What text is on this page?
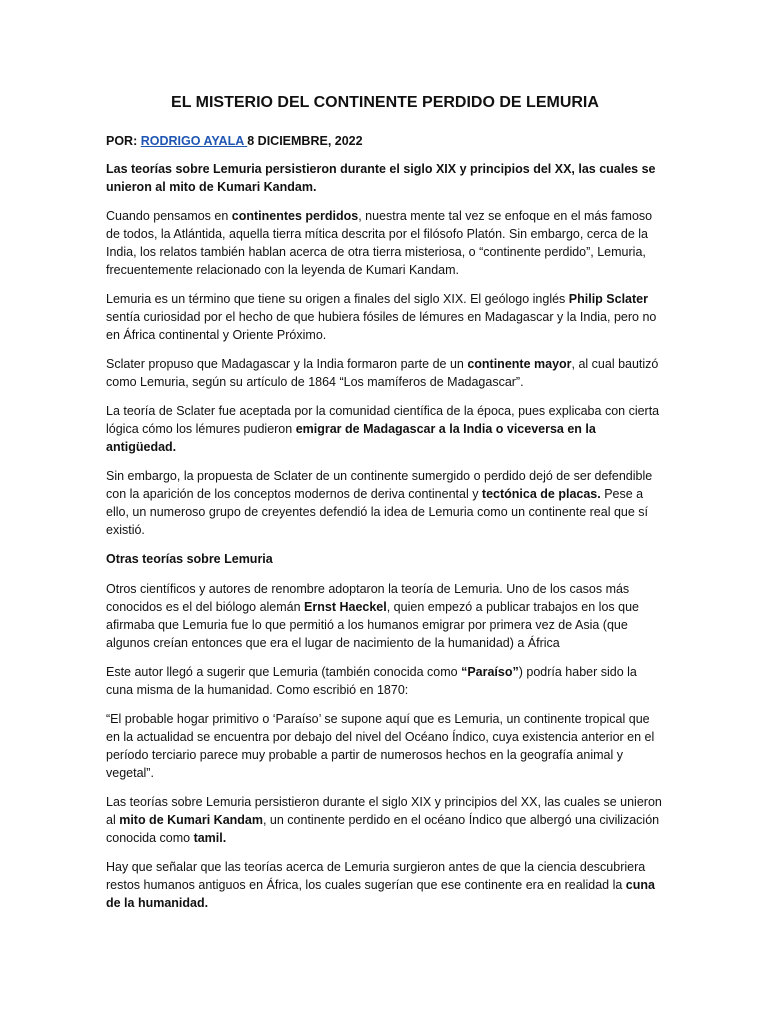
EL MISTERIO DEL CONTINENTE PERDIDO DE LEMURIA

POR: RODRIGO AYALA 8 DICIEMBRE, 2022

Las teorías sobre Lemuria persistieron durante el siglo XIX y principios del XX, las cuales se unieron al mito de Kumari Kandam.

Cuando pensamos en continentes perdidos, nuestra mente tal vez se enfoque en el más famoso de todos, la Atlántida, aquella tierra mítica descrita por el filósofo Platón. Sin embargo, cerca de la India, los relatos también hablan acerca de otra tierra misteriosa, o “continente perdido”, Lemuria, frecuentemente relacionado con la leyenda de Kumari Kandam.

Lemuria es un término que tiene su origen a finales del siglo XIX. El geólogo inglés Philip Sclater sentía curiosidad por el hecho de que hubiera fósiles de lémures en Madagascar y la India, pero no en África continental y Oriente Próximo.

Sclater propuso que Madagascar y la India formaron parte de un continente mayor, al cual bautizó como Lemuria, según su artículo de 1864 “Los mamíferos de Madagascar”.

La teoría de Sclater fue aceptada por la comunidad científica de la época, pues explicaba con cierta lógica cómo los lémures pudieron emigrar de Madagascar a la India o viceversa en la antigüedad.

Sin embargo, la propuesta de Sclater de un continente sumergido o perdido dejó de ser defendible con la aparición de los conceptos modernos de deriva continental y tectónica de placas. Pese a ello, un numeroso grupo de creyentes defendió la idea de Lemuria como un continente real que sí existió.

Otras teorías sobre Lemuria

Otros científicos y autores de renombre adoptaron la teoría de Lemuria. Uno de los casos más conocidos es el del biólogo alemán Ernst Haeckel, quien empezó a publicar trabajos en los que afirmaba que Lemuria fue lo que permitió a los humanos emigrar por primera vez de Asia (que algunos creían entonces que era el lugar de nacimiento de la humanidad) a África

Este autor llegó a sugerir que Lemuria (también conocida como “Paraíso”) podría haber sido la cuna misma de la humanidad. Como escribió en 1870:

“El probable hogar primitivo o ‘Paraíso’ se supone aquí que es Lemuria, un continente tropical que en la actualidad se encuentra por debajo del nivel del Océano Índico, cuya existencia anterior en el período terciario parece muy probable a partir de numerosos hechos en la geografía animal y vegetal”.

Las teorías sobre Lemuria persistieron durante el siglo XIX y principios del XX, las cuales se unieron al mito de Kumari Kandam, un continente perdido en el océano Índico que albergó una civilización conocida como tamil.

Hay que señalar que las teorías acerca de Lemuria surgieron antes de que la ciencia descubriera restos humanos antiguos en África, los cuales sugerían que ese continente era en realidad la cuna de la humanidad.
